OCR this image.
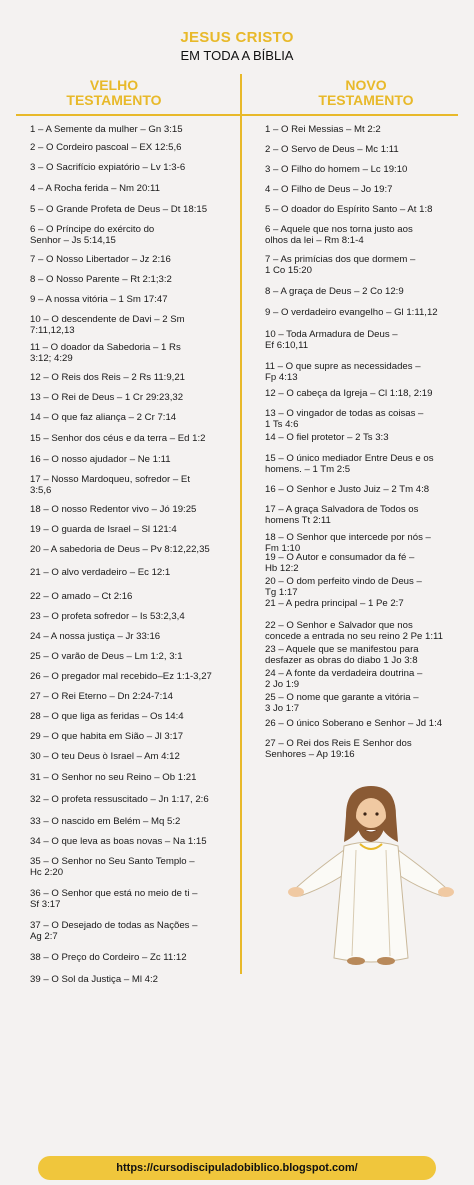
JESUS CRISTO
EM TODA A BÍBLIA
VELHO
TESTAMENTO
NOVO
TESTAMENTO
1 – A Semente da mulher – Gn 3:15
2 – O Cordeiro pascoal – EX 12:5,6
3 – O Sacrifício expiatório – Lv 1:3-6
4 – A Rocha ferida – Nm 20:11
5 – O Grande Profeta de Deus – Dt 18:15
6 – O Príncipe do exército do
Senhor – Js 5:14,15
7 – O Nosso Libertador – Jz 2:16
8 – O Nosso Parente – Rt 2:1;3:2
9 – A nossa vitória – 1 Sm 17:47
10 – O descendente de Davi – 2 Sm
7:11,12,13
11 – O doador da Sabedoria – 1 Rs
3:12; 4:29
12 – O Reis dos Reis – 2 Rs 11:9,21
13 – O Rei de Deus – 1 Cr 29:23,32
14 – O que faz aliança – 2 Cr 7:14
15 – Senhor dos céus e da terra – Ed 1:2
16 – O nosso ajudador – Ne 1:11
17 – Nosso Mardoqueu, sofredor – Et
3:5,6
18 – O nosso Redentor vivo – Jó 19:25
19 – O guarda de Israel – Sl 121:4
20 – A sabedoria de Deus – Pv 8:12,22,35
21 – O alvo verdadeiro – Ec 12:1
22 – O amado – Ct 2:16
23 – O profeta sofredor – Is 53:2,3,4
24 – A nossa justiça – Jr 33:16
25 – O varão de Deus – Lm 1:2, 3:1
26 – O pregador mal recebido–Ez 1:1-3,27
27 – O Rei Eterno – Dn 2:24-7:14
28 – O que liga as feridas – Os 14:4
29 – O que habita em Sião – Jl 3:17
30 – O teu Deus ò Israel – Am 4:12
31 – O Senhor no seu Reino – Ob 1:21
32 – O profeta ressuscitado – Jn 1:17, 2:6
33 – O nascido em Belém – Mq 5:2
34 – O que leva as boas novas – Na 1:15
35 – O Senhor no Seu Santo Templo –
Hc 2:20
36 – O Senhor que está no meio de ti –
Sf 3:17
37 – O Desejado de todas as Nações –
Ag 2:7
38 – O Preço do Cordeiro – Zc 11:12
39 – O Sol da Justiça – Ml 4:2
1 – O Rei Messias – Mt 2:2
2 – O Servo de Deus – Mc 1:11
3 – O Filho do homem – Lc 19:10
4 – O Filho de Deus – Jo 19:7
5 – O doador do Espírito Santo – At 1:8
6 – Aquele que nos torna justo aos
olhos da lei – Rm 8:1-4
7 – As primícias dos que dormem –
1 Co 15:20
8 – A graça de Deus – 2 Co 12:9
9 – O verdadeiro evangelho – Gl 1:11,12
10 – Toda Armadura de Deus –
Ef 6:10,11
11 – O que supre as necessidades –
Fp 4:13
12 – O cabeça da Igreja – Cl 1:18, 2:19
13 – O vingador de todas as coisas –
1 Ts 4:6
14 – O fiel protetor – 2 Ts 3:3
15 – O único mediador Entre Deus e os
homens. – 1 Tm 2:5
16 – O Senhor e Justo Juiz – 2 Tm 4:8
17 – A graça Salvadora de Todos os
homens Tt 2:11
18 – O Senhor que intercede por nós –
Fm 1:10
19 – O Autor e consumador da fé –
Hb 12:2
20 – O dom perfeito vindo de Deus –
Tg 1:17
21 – A pedra principal – 1 Pe 2:7
22 – O Senhor e Salvador que nos
concede a entrada no seu reino 2 Pe 1:11
23 – Aquele que se manifestou para
desfazer as obras do diabo 1 Jo 3:8
24 – A fonte da verdadeira doutrina –
2 Jo 1:9
25 – O nome que garante a vitória –
3 Jo 1:7
26 – O único Soberano e Senhor – Jd 1:4
27 – O Rei dos Reis E Senhor dos
Senhores – Ap 19:16
https://cursodiscipuladobiblico.blogspot.com/
